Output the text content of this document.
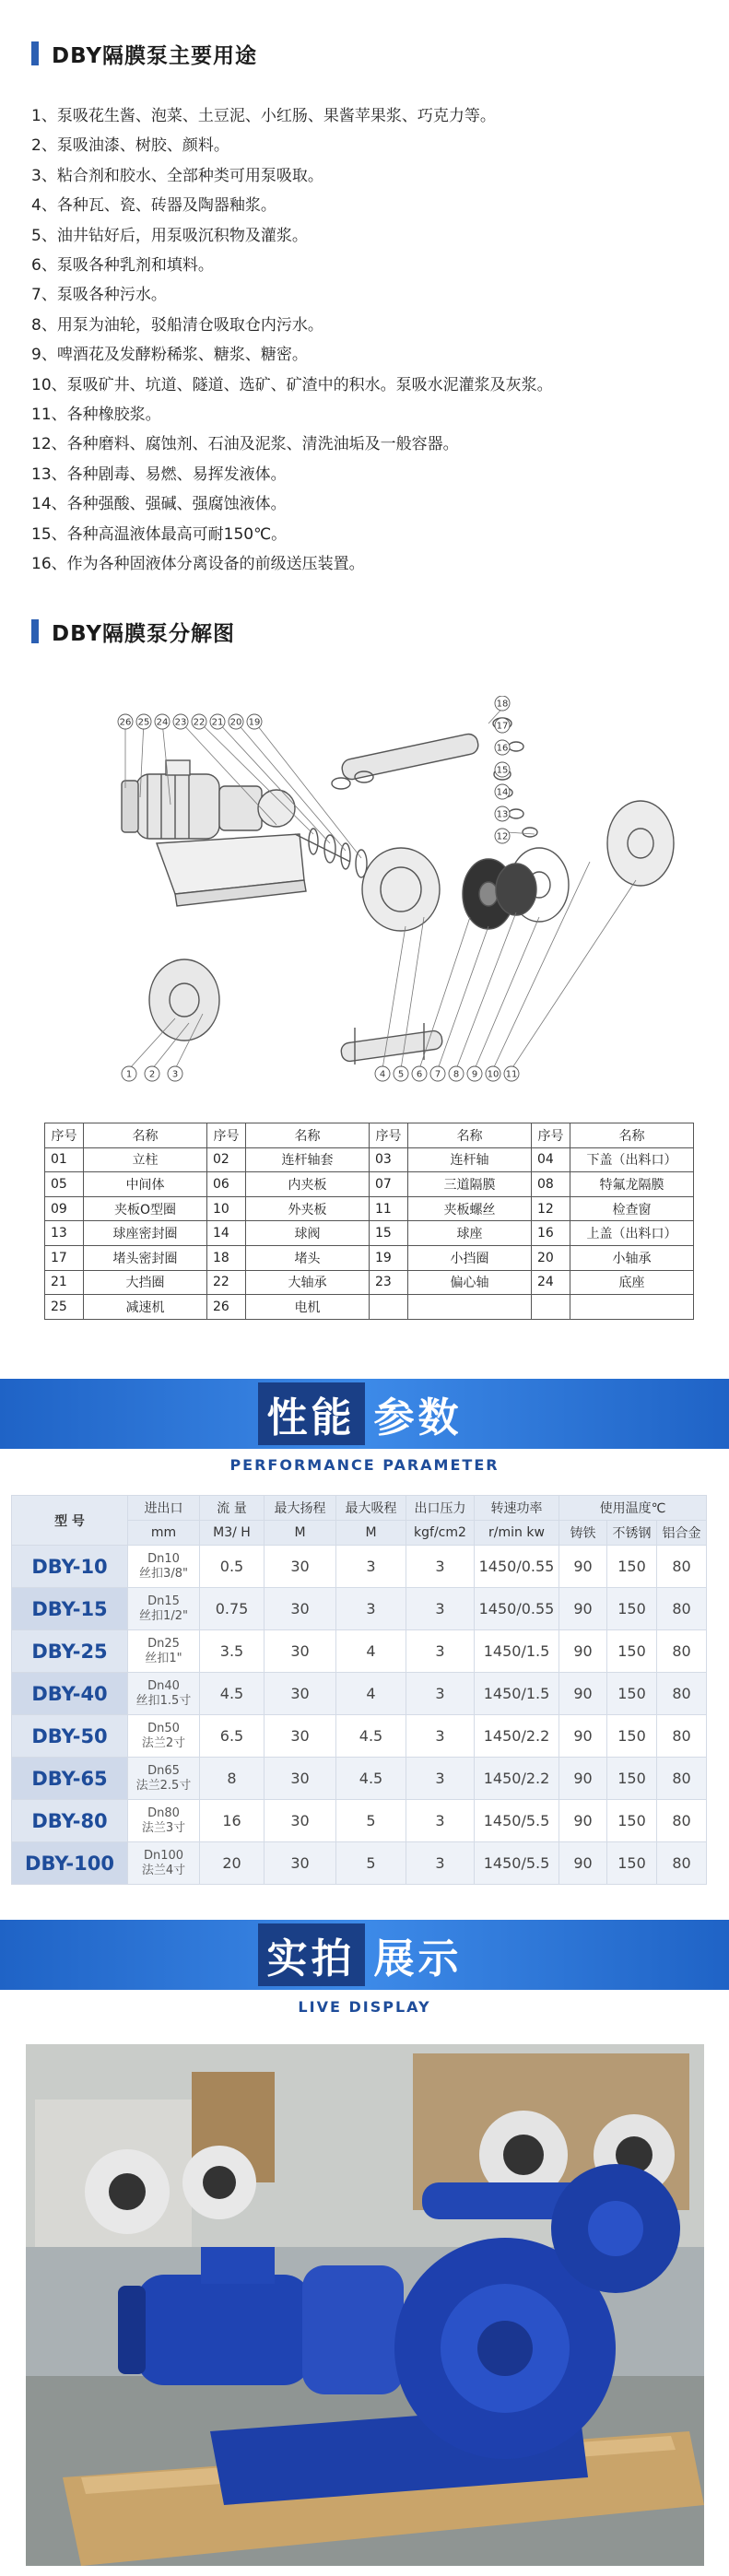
DBY隔膜泵主要用途
1、泵吸花生酱、泡菜、土豆泥、小红肠、果酱苹果浆、巧克力等。
2、泵吸油漆、树胶、颜料。
3、粘合剂和胶水、全部种类可用泵吸取。
4、各种瓦、瓷、砖器及陶器釉浆。
5、油井钻好后，用泵吸沉积物及灌浆。
6、泵吸各种乳剂和填料。
7、泵吸各种污水。
8、用泵为油轮，驳船清仓吸取仓内污水。
9、啤酒花及发酵粉稀浆、糖浆、糖密。
10、泵吸矿井、坑道、隧道、选矿、矿渣中的积水。泵吸水泥灌浆及灰浆。
11、各种橡胶浆。
12、各种磨料、腐蚀剂、石油及泥浆、清洗油垢及一般容器。
13、各种剧毒、易燃、易挥发液体。
14、各种强酸、强碱、强腐蚀液体。
15、各种高温液体最高可耐150℃。
16、作为各种固液体分离设备的前级送压装置。
DBY隔膜泵分解图
26 25 24 23 22 21 20 19
18
17
16
15
14
13
12
1 2 3	4 5 6 7 8 9 10 11
序号	名称	序号	名称	序号	名称	序号	名称
01	立柱	02	连杆轴套	03	连杆轴	04	下盖（出料口）
05	中间体	06	内夹板	07	三道隔膜	08	特氟龙隔膜
09	夹板O型圈	10	外夹板	11	夹板螺丝	12	检查窗
13	球座密封圈	14	球阀	15	球座	16	上盖（出料口）
17	堵头密封圈	18	堵头	19	小挡圈	20	小轴承
21	大挡圈	22	大轴承	23	偏心轴	24	底座
25	减速机	26	电机				
性能 参数
PERFORMANCE PARAMETER
型 号	进出口	流 量	最大扬程	最大吸程	出口压力	转速功率	使用温度℃		
	mm	M3/ H	M	M	kgf/cm2	r/min kw	铸铁	不锈钢	铝合金
DBY-10	Dn10
丝扣3/8"	0.5	30	3	3	1450/0.55	90	150	80
DBY-15	Dn15
丝扣1/2"	0.75	30	3	3	1450/0.55	90	150	80
DBY-25	Dn25
丝扣1"	3.5	30	4	3	1450/1.5	90	150	80
DBY-40	Dn40
丝扣1.5寸	4.5	30	4	3	1450/1.5	90	150	80
DBY-50	Dn50
法兰2寸	6.5	30	4.5	3	1450/2.2	90	150	80
DBY-65	Dn65
法兰2.5寸	8	30	4.5	3	1450/2.2	90	150	80
DBY-80	Dn80
法兰3寸	16	30	5	3	1450/5.5	90	150	80
DBY-100	Dn100
法兰4寸	20	30	5	3	1450/5.5	90	150	80
实拍 展示
LIVE DISPLAY
